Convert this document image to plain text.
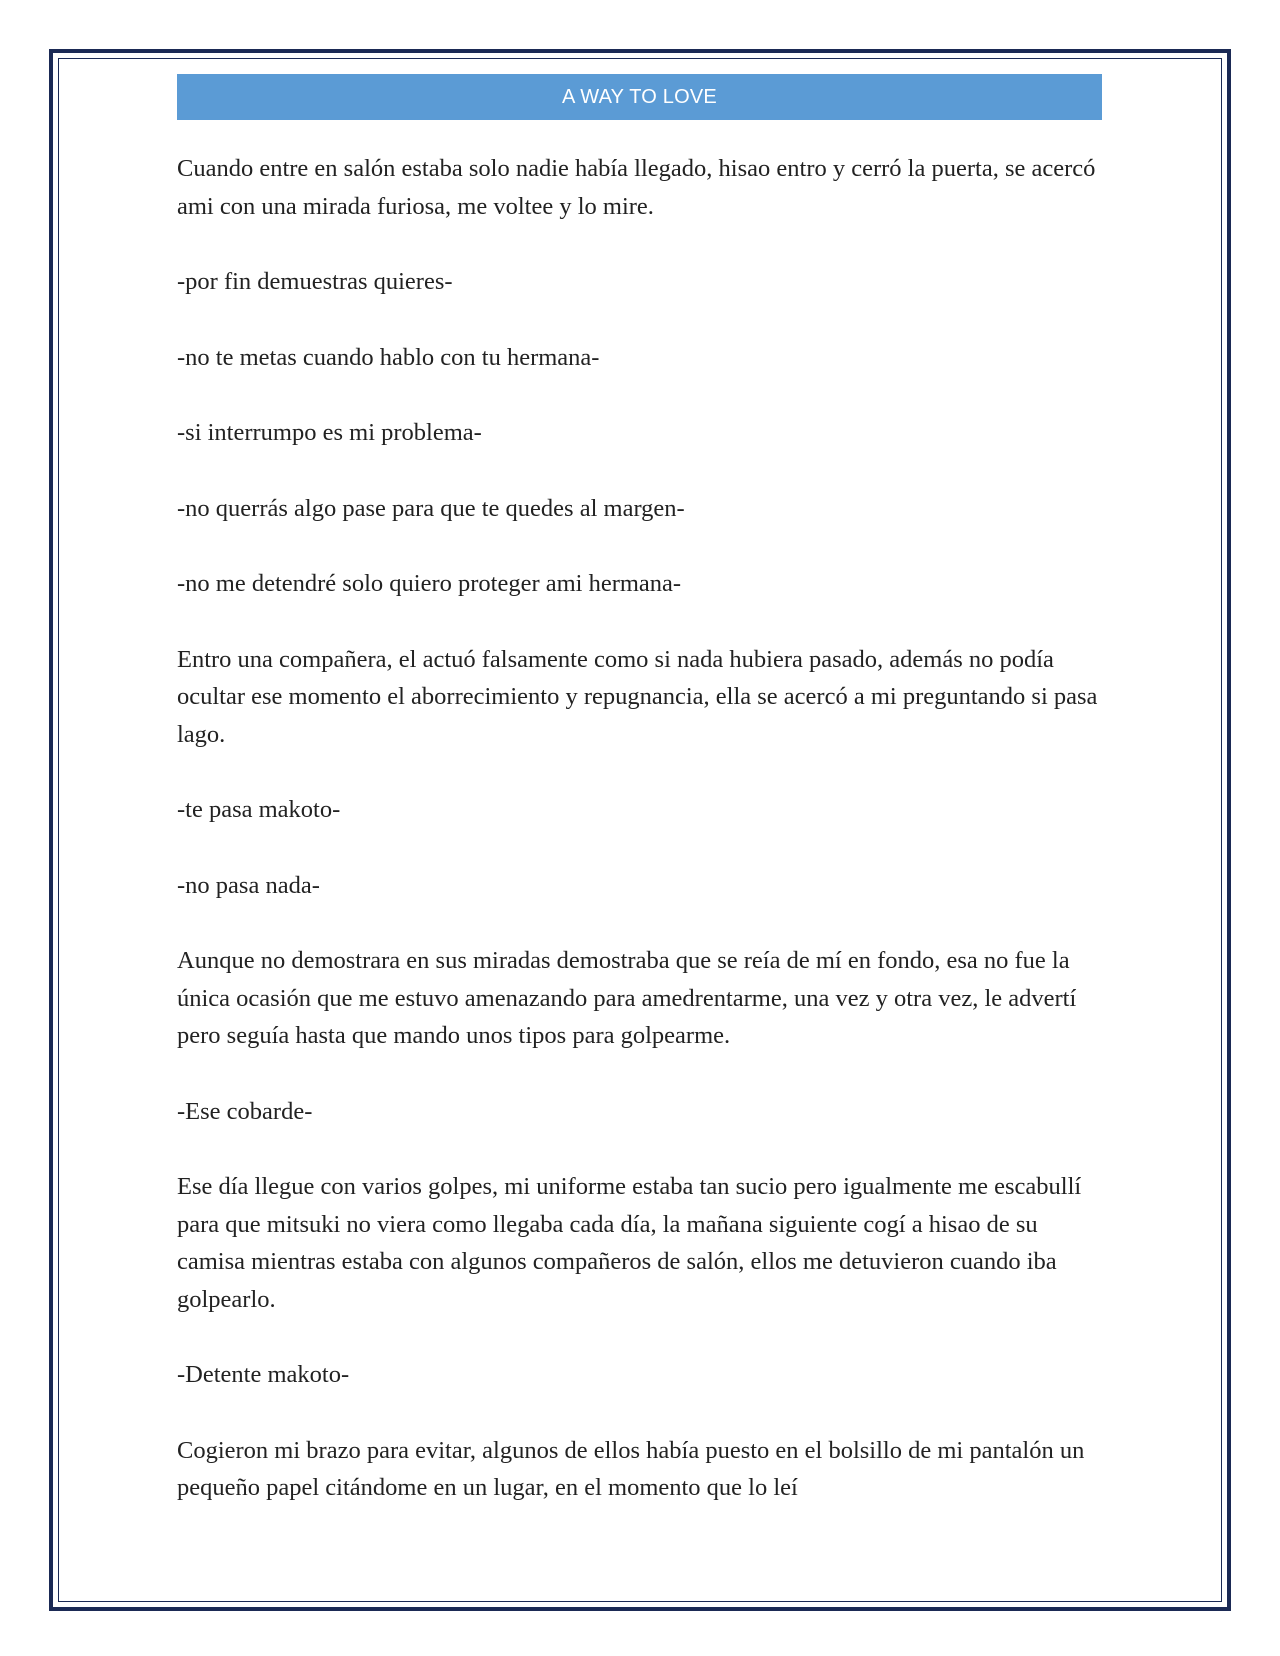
A WAY TO LOVE

Cuando entre en salón estaba solo nadie había llegado, hisao entro y cerró la puerta, se acercó ami con una mirada furiosa, me voltee y lo mire.

-por fin demuestras quieres-

-no te metas cuando hablo con tu hermana-

-si interrumpo es mi problema-

-no querrás algo pase para que te quedes al margen-

-no me detendré solo quiero proteger ami hermana-

Entro una compañera, el actuó falsamente como si nada hubiera pasado, además no podía ocultar ese momento el aborrecimiento y repugnancia, ella se acercó a mi preguntando si pasa lago.

-te pasa makoto-

-no pasa nada-

Aunque no demostrara en sus miradas demostraba que se reía de mí en fondo, esa no fue la única ocasión que me estuvo amenazando para amedrentarme, una vez y otra vez, le advertí pero seguía hasta que mando unos tipos para golpearme.

-Ese cobarde-

Ese día llegue con varios golpes, mi uniforme estaba tan sucio pero igualmente me escabullí para que mitsuki no viera como llegaba cada día, la mañana siguiente cogí a hisao de su camisa mientras estaba con algunos compañeros de salón, ellos me detuvieron cuando iba golpearlo.

-Detente makoto-

Cogieron mi brazo para evitar, algunos de ellos había puesto en el bolsillo de mi pantalón un pequeño papel citándome en un lugar, en el momento que lo leí
